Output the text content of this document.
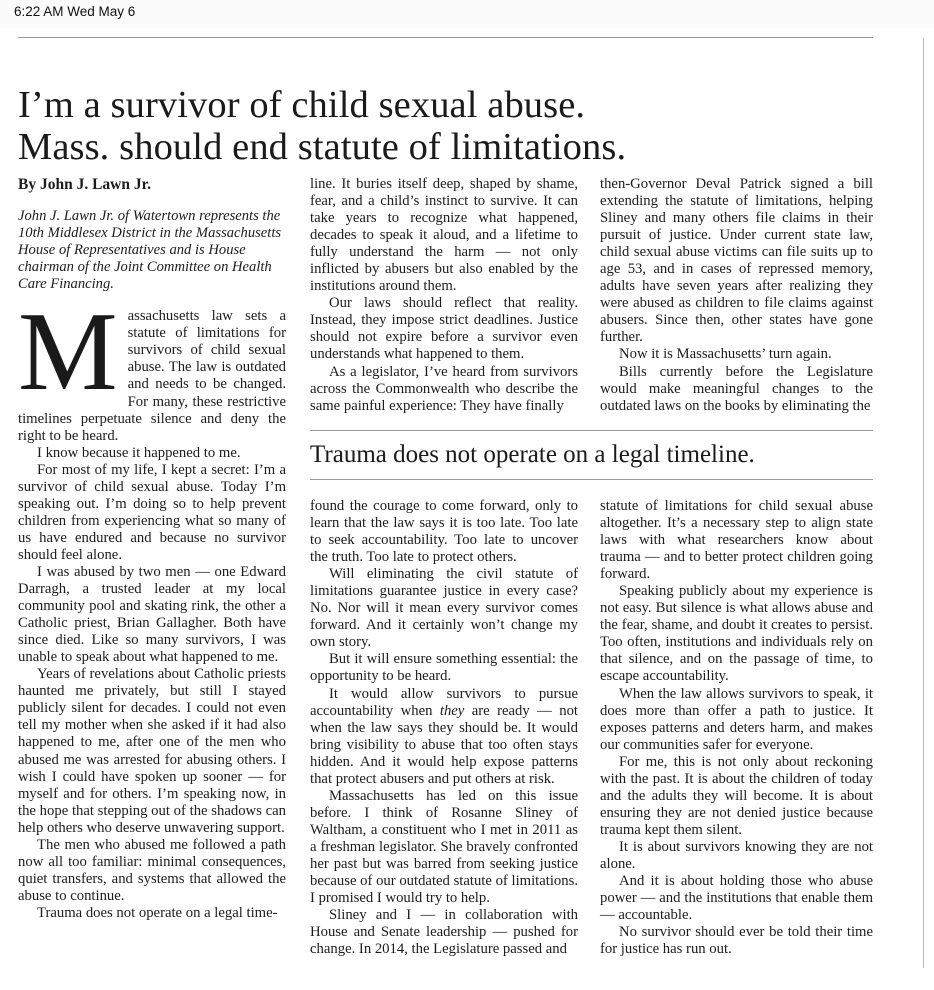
6:22 AM Wed May 6
I’m a survivor of child sexual abuse.
Mass. should end statute of limitations.

By John J. Lawn Jr.

John J. Lawn Jr. of Watertown represents the 10th Middlesex District in the Massachusetts House of Representatives and is House chairman of the Joint Committee on Health Care Financing.

Massachusetts law sets a statute of limitations for survivors of child sexual abuse. The law is outdated and needs to be changed. For many, these restrictive timelines perpetuate silence and deny the right to be heard.

I know because it happened to me.

For most of my life, I kept a secret: I’m a survivor of child sexual abuse. Today I’m speaking out. I’m doing so to help prevent children from experiencing what so many of us have endured and because no survivor should feel alone.

I was abused by two men — one Edward Darragh, a trusted leader at my local community pool and skating rink, the other a Catholic priest, Brian Gallagher. Both have since died. Like so many survivors, I was unable to speak about what happened to me.

Years of revelations about Catholic priests haunted me privately, but still I stayed publicly silent for decades. I could not even tell my mother when she asked if it had also happened to me, after one of the men who abused me was arrested for abusing others. I wish I could have spoken up sooner — for myself and for others. I’m speaking now, in the hope that stepping out of the shadows can help others who deserve unwavering support.

The men who abused me followed a path now all too familiar: minimal consequences, quiet transfers, and systems that allowed the abuse to continue.

Trauma does not operate on a legal time-

line. It buries itself deep, shaped by shame, fear, and a child’s instinct to survive. It can take years to recognize what happened, decades to speak it aloud, and a lifetime to fully understand the harm — not only inflicted by abusers but also enabled by the institutions around them.

Our laws should reflect that reality. Instead, they impose strict deadlines. Justice should not expire before a survivor even understands what happened to them.

As a legislator, I’ve heard from survivors across the Commonwealth who describe the same painful experience: They have finally

then-Governor Deval Patrick signed a bill extending the statute of limitations, helping Sliney and many others file claims in their pursuit of justice. Under current state law, child sexual abuse victims can file suits up to age 53, and in cases of repressed memory, adults have seven years after realizing they were abused as children to file claims against abusers. Since then, other states have gone further.

Now it is Massachusetts’ turn again.

Bills currently before the Legislature would make meaningful changes to the outdated laws on the books by eliminating the

Trauma does not operate on a legal timeline.

found the courage to come forward, only to learn that the law says it is too late. Too late to seek accountability. Too late to uncover the truth. Too late to protect others.

Will eliminating the civil statute of limitations guarantee justice in every case? No. Nor will it mean every survivor comes forward. And it certainly won’t change my own story.

But it will ensure something essential: the opportunity to be heard.

It would allow survivors to pursue accountability when they are ready — not when the law says they should be. It would bring visibility to abuse that too often stays hidden. And it would help expose patterns that protect abusers and put others at risk.

Massachusetts has led on this issue before. I think of Rosanne Sliney of Waltham, a constituent who I met in 2011 as a freshman legislator. She bravely confronted her past but was barred from seeking justice because of our outdated statute of limitations. I promised I would try to help.

Sliney and I — in collaboration with House and Senate leadership — pushed for change. In 2014, the Legislature passed and

statute of limitations for child sexual abuse altogether. It’s a necessary step to align state laws with what researchers know about trauma — and to better protect children going forward.

Speaking publicly about my experience is not easy. But silence is what allows abuse and the fear, shame, and doubt it creates to persist. Too often, institutions and individuals rely on that silence, and on the passage of time, to escape accountability.

When the law allows survivors to speak, it does more than offer a path to justice. It exposes patterns and deters harm, and makes our communities safer for everyone.

For me, this is not only about reckoning with the past. It is about the children of today and the adults they will become. It is about ensuring they are not denied justice because trauma kept them silent.

It is about survivors knowing they are not alone.

And it is about holding those who abuse power — and the institutions that enable them — accountable.

No survivor should ever be told their time for justice has run out.
